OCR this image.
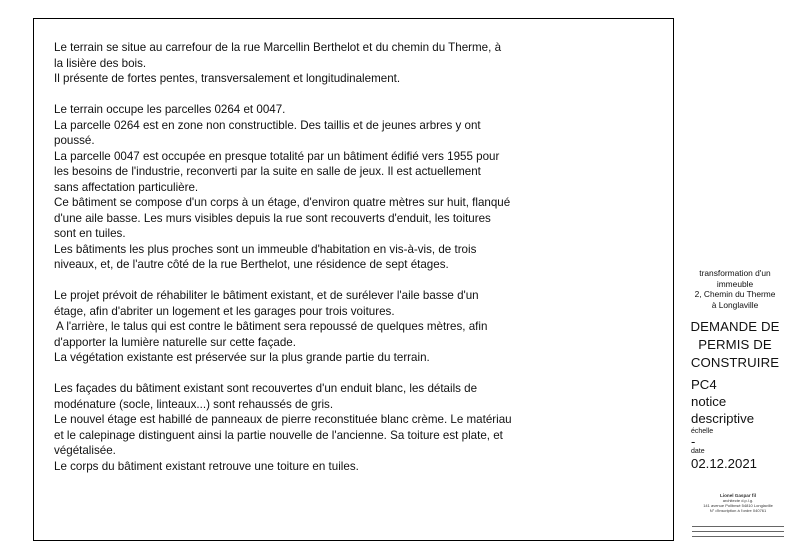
Le terrain se situe au carrefour de la rue Marcellin Berthelot et du chemin du Therme, à
la lisière des bois.
Il présente de fortes pentes, transversalement et longitudinalement.

Le terrain occupe les parcelles 0264 et 0047.
La parcelle 0264 est en zone non constructible. Des taillis et de jeunes arbres y ont
poussé.
La parcelle 0047 est occupée en presque totalité par un bâtiment édifié vers 1955 pour
les besoins de l'industrie, reconverti par la suite en salle de jeux. Il est actuellement
sans affectation particulière.
Ce bâtiment se compose d'un corps à un étage, d'environ quatre mètres sur huit, flanqué
d'une aile basse. Les murs visibles depuis la rue sont recouverts d'enduit, les toitures
sont en tuiles.
Les bâtiments les plus proches sont un immeuble d'habitation en vis-à-vis, de trois
niveaux, et, de l'autre côté de la rue Berthelot, une résidence de sept étages.

Le projet prévoit de réhabiliter le bâtiment existant, et de surélever l'aile basse d'un
étage, afin d'abriter un logement et les garages pour trois voitures.
A l'arrière, le talus qui est contre le bâtiment sera repoussé de quelques mètres, afin
d'apporter la lumière naturelle sur cette façade.
La végétation existante est préservée sur la plus grande partie du terrain.

Les façades du bâtiment existant sont recouvertes d'un enduit blanc, les détails de
modénature (socle, linteaux...) sont rehaussés de gris.
Le nouvel étage est habillé de panneaux de pierre reconstituée blanc crème. Le matériau
et le calepinage distinguent ainsi la partie nouvelle de l'ancienne. Sa toiture est plate, et
végétalisée.
Le corps du bâtiment existant retrouve une toiture en tuiles.

transformation d'un
immeuble
2, Chemin du Therme
à Longlaville
DEMANDE DE
PERMIS DE
CONSTRUIRE
PC4
notice
descriptive
échelle
-
date
02.12.2021
Lionel Gaspar fil
architecte d.p.l.g.
141 avenue Pollbnsé 54810 Longlaville
N° d'inscription à l'ordre 040761
